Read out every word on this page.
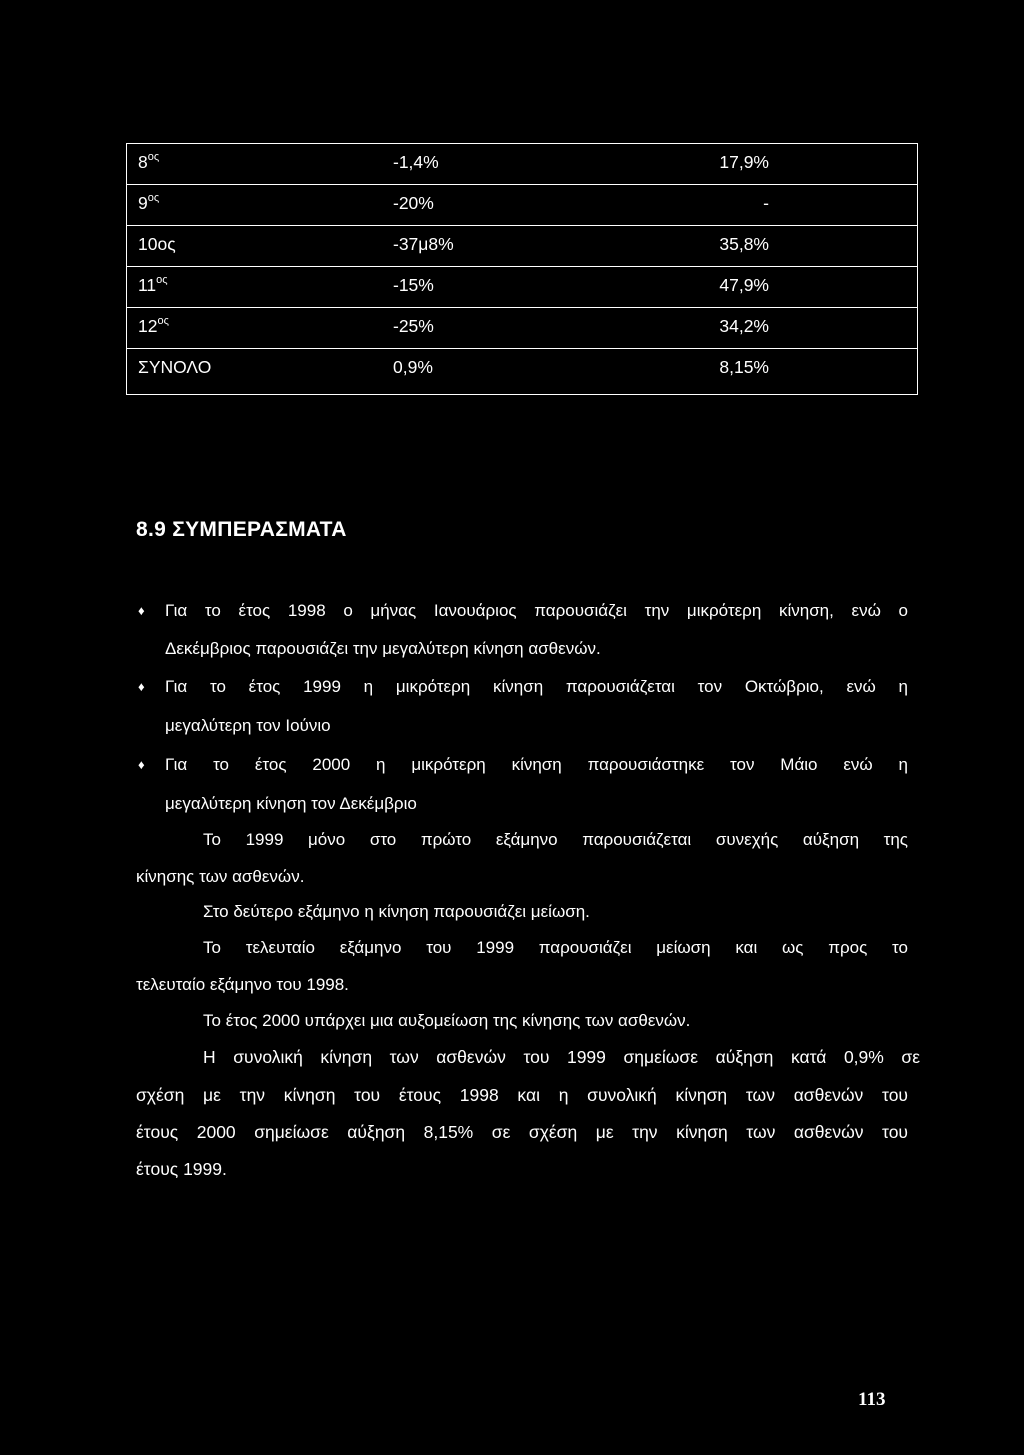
$8^{o\varsigma}$	-1,4%	17,9%
$9^{o\varsigma}$	-20%	-
10ος	-37μ8%	35,8%
$11^{o\varsigma}$	-15%	47,9%
$12^{o\varsigma}$	-25%	34,2%
ΣΥΝΟΛΟ	0,9%	8,15%
8.9 ΣΥΜΠΕΡΑΣΜΑΤΑ
♦ Για το έτος 1998 ο μήνας Ιανουάριος παρουσιάζει την μικρότερη κίνηση, ενώ ο
Δεκέμβριος παρουσιάζει την μεγαλύτερη κίνηση ασθενών.
♦ Για το έτος 1999 η μικρότερη κίνηση παρουσιάζεται τον Οκτώβριο, ενώ η
μεγαλύτερη τον Ιούνιο
♦ Για το έτος 2000 η μικρότερη κίνηση παρουσιάστηκε τον Μάιο ενώ η
μεγαλύτερη κίνηση τον Δεκέμβριο
Το 1999 μόνο στο πρώτο εξάμηνο παρουσιάζεται συνεχής αύξηση της
κίνησης των ασθενών.
Στο δεύτερο εξάμηνο η κίνηση παρουσιάζει μείωση.
Το τελευταίο εξάμηνο του 1999 παρουσιάζει μείωση και ως προς το
τελευταίο εξάμηνο του 1998.
Το έτος 2000 υπάρχει μια αυξομείωση της κίνησης των ασθενών.
Η συνολική κίνηση των ασθενών του 1999 σημείωσε αύξηση κατά 0,9% σε
σχέση με την κίνηση του έτους 1998 και η συνολική κίνηση των ασθενών του
έτους 2000 σημείωσε αύξηση 8,15% σε σχέση με την κίνηση των ασθενών του
έτους 1999.
113
